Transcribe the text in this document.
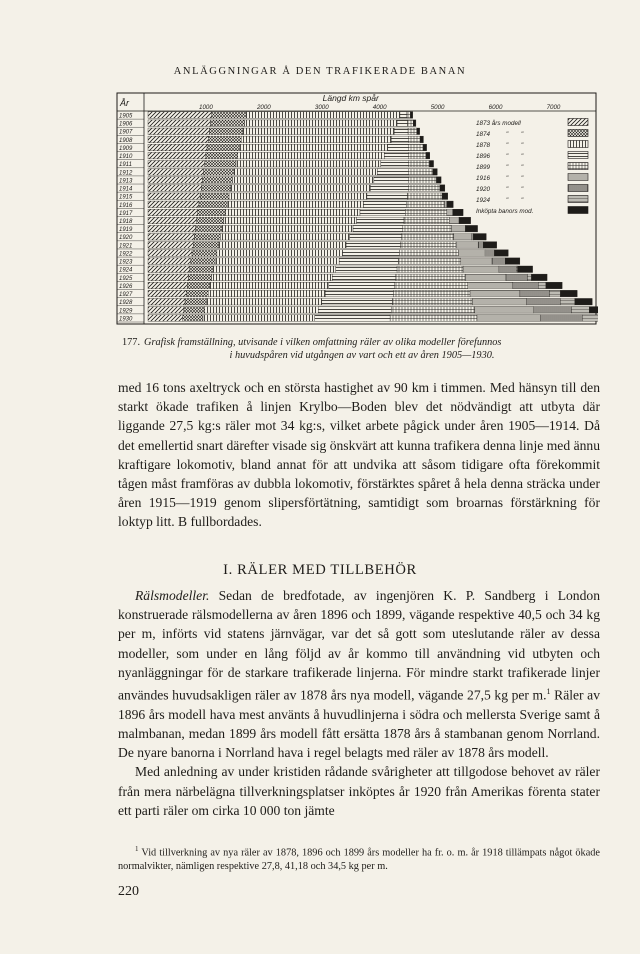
ANLÄGGNINGAR Å DEN TRAFIKERADE BANAN
Längd km spår
År	1000	2000	3000	4000	5000	6000	7000
1905
1906
1907
1908
1909
1910
1911
1912
1913
1914
1915
1916
1917
1918
1919
1920
1921
1922
1923
1924
1925
1926
1927
1928
1929
1930
1873 års modell
1874	" "
1878	" "
1896	" "
1899	" "
1916	" "
1920	" "
1924	" "
Inköpta banors mod.
177. Grafisk framställning, utvisande i vilken omfattning räler av olika modeller förefunnos
i huvudspåren vid utgången av vart och ett av åren 1905—1930.

med 16 tons axeltryck och en största hastighet av 90 km i timmen. Med hänsyn till den starkt ökade trafiken å linjen Krylbo—Boden blev det nödvändigt att utbyta där liggande 27,5 kg:s räler mot 34 kg:s, vilket arbete pågick under åren 1905—1914. Då det emellertid snart därefter visade sig önskvärt att kunna trafikera denna linje med ännu kraftigare lokomotiv, bland annat för att undvika att såsom tidigare ofta förekommit tågen måst framföras av dubbla lokomotiv, förstärktes spåret å hela denna sträcka under åren 1915—1919 genom slipersförtätning, samtidigt som broarnas förstärkning för loktyp litt. B fullbordades.

I. RÄLER MED TILLBEHÖR

Rälsmodeller. Sedan de bredfotade, av ingenjören K. P. Sandberg i London konstruerade rälsmodellerna av åren 1896 och 1899, vägande respektive 40,5 och 34 kg per m, införts vid statens järnvägar, var det så gott som uteslutande räler av dessa modeller, som under en lång följd av år kommo till användning vid utbyten och nyanläggningar för de starkare trafikerade linjerna. För mindre starkt trafikerade linjer användes huvudsakligen räler av 1878 års nya modell, vägande 27,5 kg per m.$^1$ Räler av 1896 års modell hava mest använts å huvudlinjerna i södra och mellersta Sverige samt å malmbanan, medan 1899 års modell fått ersätta 1878 års å stambanan genom Norrland. De nyare banorna i Norrland hava i regel belagts med räler av 1878 års modell.

Med anledning av under kristiden rådande svårigheter att tillgodose behovet av räler från mera närbelägna tillverkningsplatser inköptes år 1920 från Amerikas förenta stater ett parti räler om cirka 10 000 ton jämte

$^1$ Vid tillverkning av nya räler av 1878, 1896 och 1899 års modeller ha fr. o. m. år 1918 tillämpats något ökade normalvikter, nämligen respektive 27,8, 41,18 och 34,5 kg per m.
220
